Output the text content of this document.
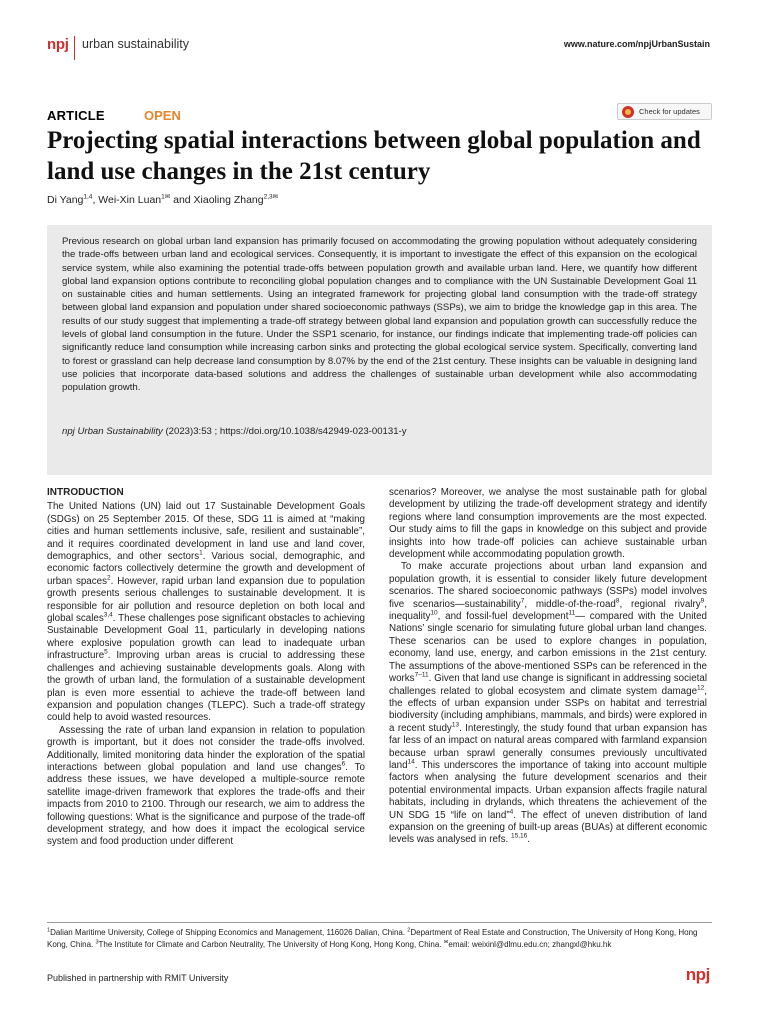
npj urban sustainability	www.nature.com/npjUrbanSustain
ARTICLE	OPEN	Check for updates
Projecting spatial interactions between global population and land use changes in the 21st century
Di Yang$^{1,4}$, Wei-Xin Luan$^{1✉}$ and Xiaoling Zhang$^{2,3✉}$

Previous research on global urban land expansion has primarily focused on accommodating the growing population without adequately considering the trade-offs between urban land and ecological services. Consequently, it is important to investigate the effect of this expansion on the ecological service system, while also examining the potential trade-offs between population growth and available urban land. Here, we quantify how different global land expansion options contribute to reconciling global population changes and to compliance with the UN Sustainable Development Goal 11 on sustainable cities and human settlements. Using an integrated framework for projecting global land consumption with the trade-off strategy between global land expansion and population under shared socioeconomic pathways (SSPs), we aim to bridge the knowledge gap in this area. The results of our study suggest that implementing a trade-off strategy between global land expansion and population growth can successfully reduce the levels of global land consumption in the future. Under the SSP1 scenario, for instance, our findings indicate that implementing trade-off policies can significantly reduce land consumption while increasing carbon sinks and protecting the global ecological service system. Specifically, converting land to forest or grassland can help decrease land consumption by 8.07% by the end of the 21st century. These insights can be valuable in designing land use policies that incorporate data-based solutions and address the challenges of sustainable urban development while also accommodating population growth.

npj Urban Sustainability (2023)3:53 ; https://doi.org/10.1038/s42949-023-00131-y

INTRODUCTION

The United Nations (UN) laid out 17 Sustainable Development Goals (SDGs) on 25 September 2015. Of these, SDG 11 is aimed at “making cities and human settlements inclusive, safe, resilient and sustainable”, and it requires coordinated development in land use and land cover, demographics, and other sectors$^1$. Various social, demographic, and economic factors collectively determine the growth and development of urban spaces$^2$. However, rapid urban land expansion due to population growth presents serious challenges to sustainable development. It is responsible for air pollution and resource depletion on both local and global scales$^{3,4}$. These challenges pose significant obstacles to achieving Sustainable Development Goal 11, particularly in developing nations where explosive population growth can lead to inadequate urban infrastructure$^5$. Improving urban areas is crucial to addressing these challenges and achieving sustainable developments goals. Along with the growth of urban land, the formulation of a sustainable development plan is even more essential to achieve the trade-off between land expansion and population changes (TLEPC). Such a trade-off strategy could help to avoid wasted resources.

Assessing the rate of urban land expansion in relation to population growth is important, but it does not consider the trade-offs involved. Additionally, limited monitoring data hinder the exploration of the spatial interactions between global population and land use changes$^6$. To address these issues, we have developed a multiple-source remote satellite image-driven framework that explores the trade-offs and their impacts from 2010 to 2100. Through our research, we aim to address the following questions: What is the significance and purpose of the trade-off development strategy, and how does it impact the ecological service system and food production under different

scenarios? Moreover, we analyse the most sustainable path for global development by utilizing the trade-off development strategy and identify regions where land consumption improvements are the most expected. Our study aims to fill the gaps in knowledge on this subject and provide insights into how trade-off policies can achieve sustainable urban development while accommodating population growth.

To make accurate projections about urban land expansion and population growth, it is essential to consider likely future development scenarios. The shared socioeconomic pathways (SSPs) model involves five scenarios—sustainability$^7$, middle-of-the-road$^8$, regional rivalry$^9$, inequality$^{10}$, and fossil-fuel development$^{11}$— compared with the United Nations’ single scenario for simulating future global urban land changes. These scenarios can be used to explore changes in population, economy, land use, energy, and carbon emissions in the 21st century. The assumptions of the above-mentioned SSPs can be referenced in the works$^{7-11}$. Given that land use change is significant in addressing societal challenges related to global ecosystem and climate system damage$^{12}$, the effects of urban expansion under SSPs on habitat and terrestrial biodiversity (including amphibians, mammals, and birds) were explored in a recent study$^{13}$. Interestingly, the study found that urban expansion has far less of an impact on natural areas compared with farmland expansion because urban sprawl generally consumes previously uncultivated land$^{14}$. This underscores the importance of taking into account multiple factors when analysing the future development scenarios and their potential environmental impacts. Urban expansion affects fragile natural habitats, including in drylands, which threatens the achievement of the UN SDG 15 “life on land”$^4$. The effect of uneven distribution of land expansion on the greening of built-up areas (BUAs) at different economic levels was analysed in refs. $^{15,16}$.

$^1$Dalian Maritime University, College of Shipping Economics and Management, 116026 Dalian, China. $^2$Department of Real Estate and Construction, The University of Hong Kong, Hong Kong, China. $^3$The Institute for Climate and Carbon Neutrality, The University of Hong Kong, Hong Kong, China. ✉email: weixinl@dlmu.edu.cn; zhangxl@hku.hk
Published in partnership with RMIT University	npj
